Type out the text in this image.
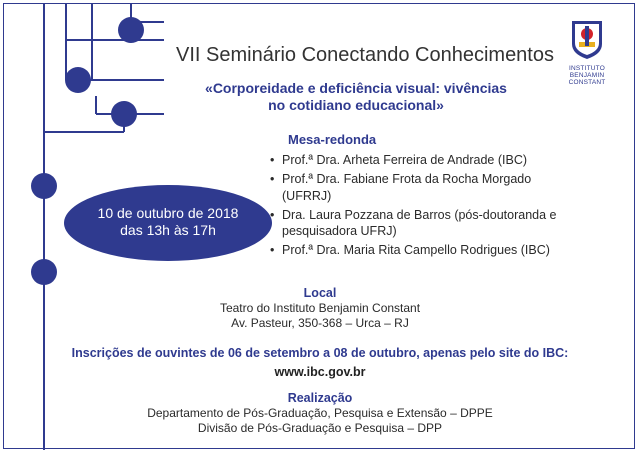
INSTITUTO
BENJAMIN CONSTANT
VII Seminário Conectando Conhecimentos
«Corporeidade e deficiência visual: vivências
no cotidiano educacional»
Mesa-redonda
• Prof.ª Dra. Arheta Ferreira de Andrade (IBC)
• Prof.ª Dra. Fabiane Frota da Rocha Morgado (UFRRJ)
• Dra. Laura Pozzana de Barros (pós-doutoranda e pesquisadora UFRJ)
• Prof.ª Dra. Maria Rita Campello Rodrigues (IBC)
10 de outubro de 2018
das 13h às 17h
Local
Teatro do Instituto Benjamin Constant
Av. Pasteur, 350-368 – Urca – RJ
Inscrições de ouvintes de 06 de setembro a 08 de outubro, apenas pelo site do IBC:
www.ibc.gov.br
Realização
Departamento de Pós-Graduação, Pesquisa e Extensão – DPPE
Divisão de Pós-Graduação e Pesquisa – DPP
